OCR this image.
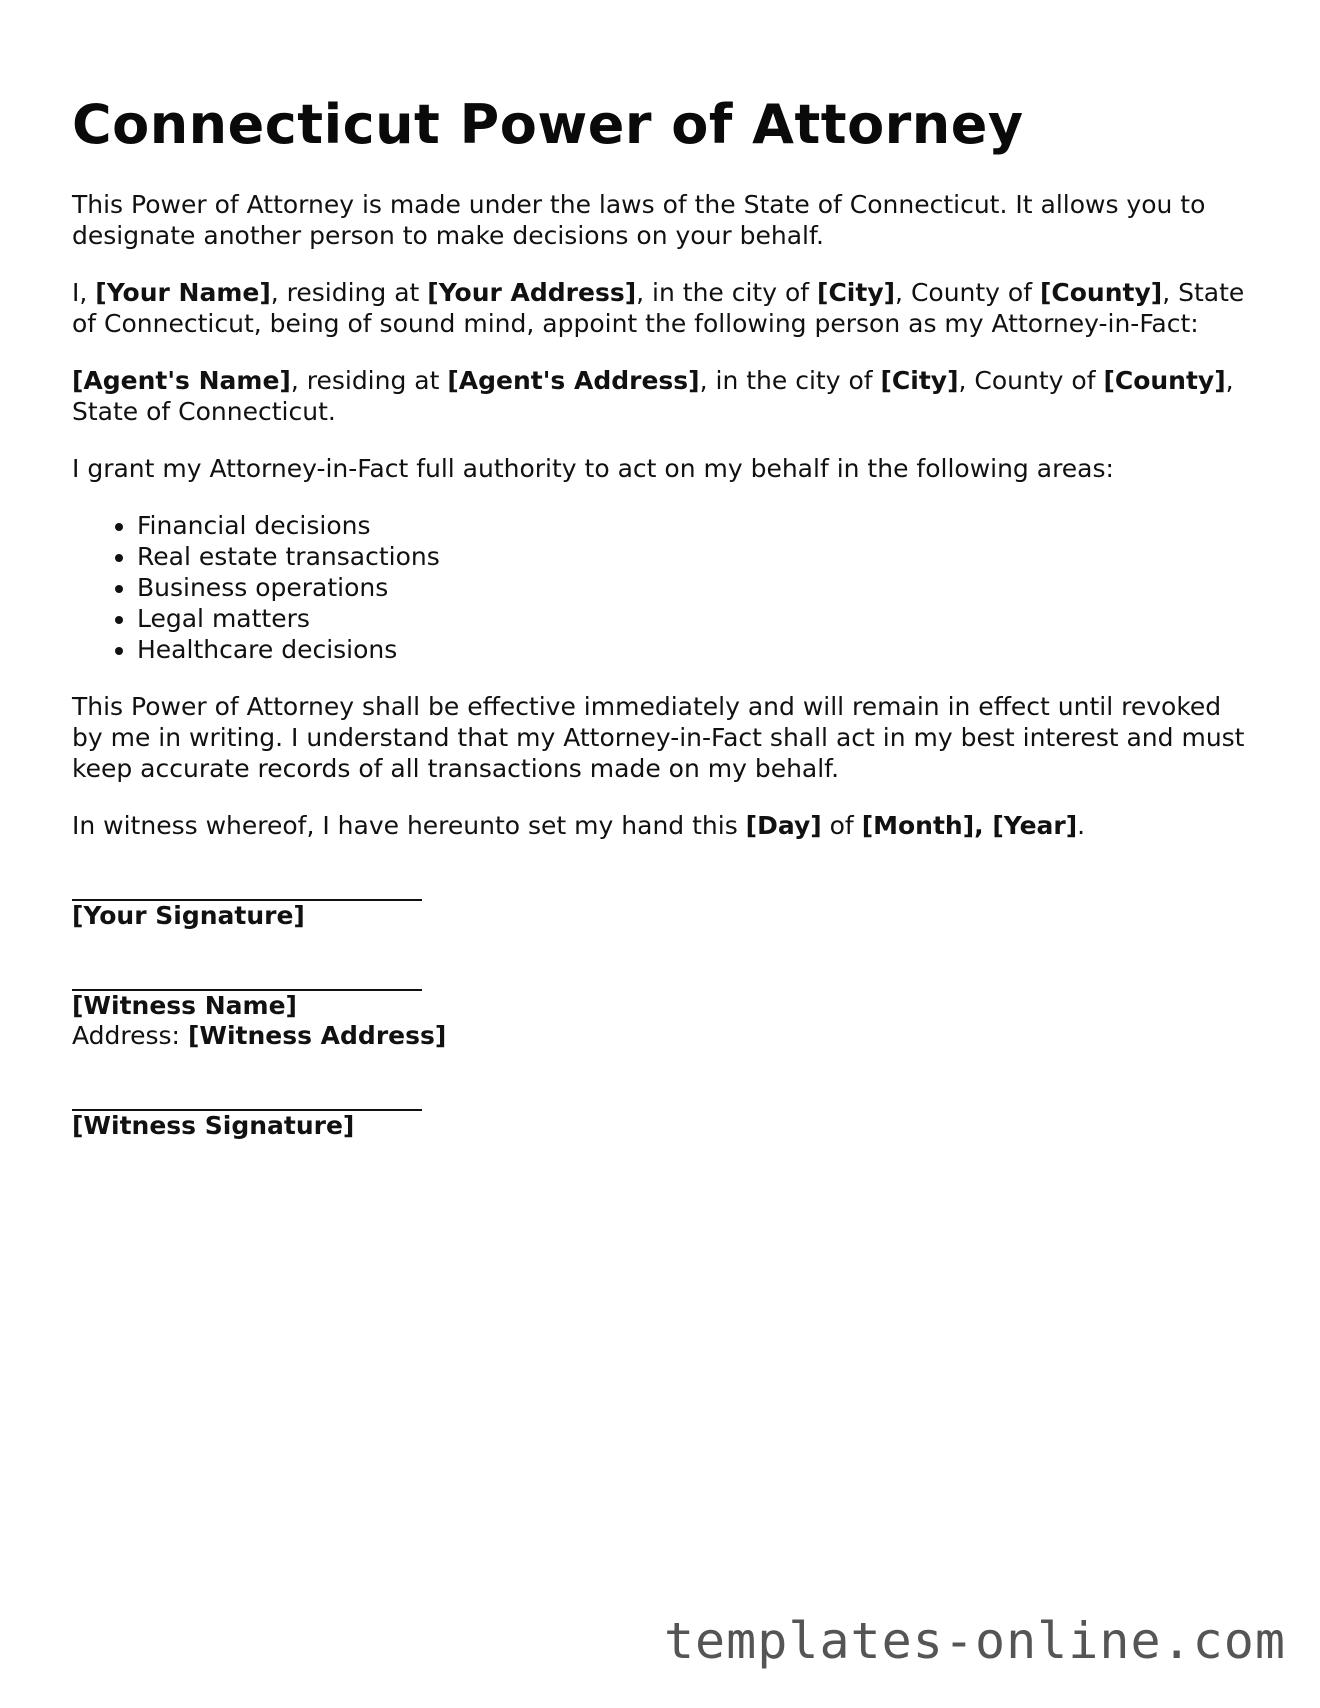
Connecticut Power of Attorney

This Power of Attorney is made under the laws of the State of Connecticut. It allows you to designate another person to make decisions on your behalf.

I, [Your Name], residing at [Your Address], in the city of [City], County of [County], State of Connecticut, being of sound mind, appoint the following person as my Attorney-in-Fact:

[Agent's Name], residing at [Agent's Address], in the city of [City], County of [County], State of Connecticut.

I grant my Attorney-in-Fact full authority to act on my behalf in the following areas:

• Financial decisions
• Real estate transactions
• Business operations
• Legal matters
• Healthcare decisions

This Power of Attorney shall be effective immediately and will remain in effect until revoked by me in writing. I understand that my Attorney-in-Fact shall act in my best interest and must keep accurate records of all transactions made on my behalf.

In witness whereof, I have hereunto set my hand this [Day] of [Month], [Year].

[Your Signature]
[Witness Name]
Address: [Witness Address]
[Witness Signature]
templates-online.com
